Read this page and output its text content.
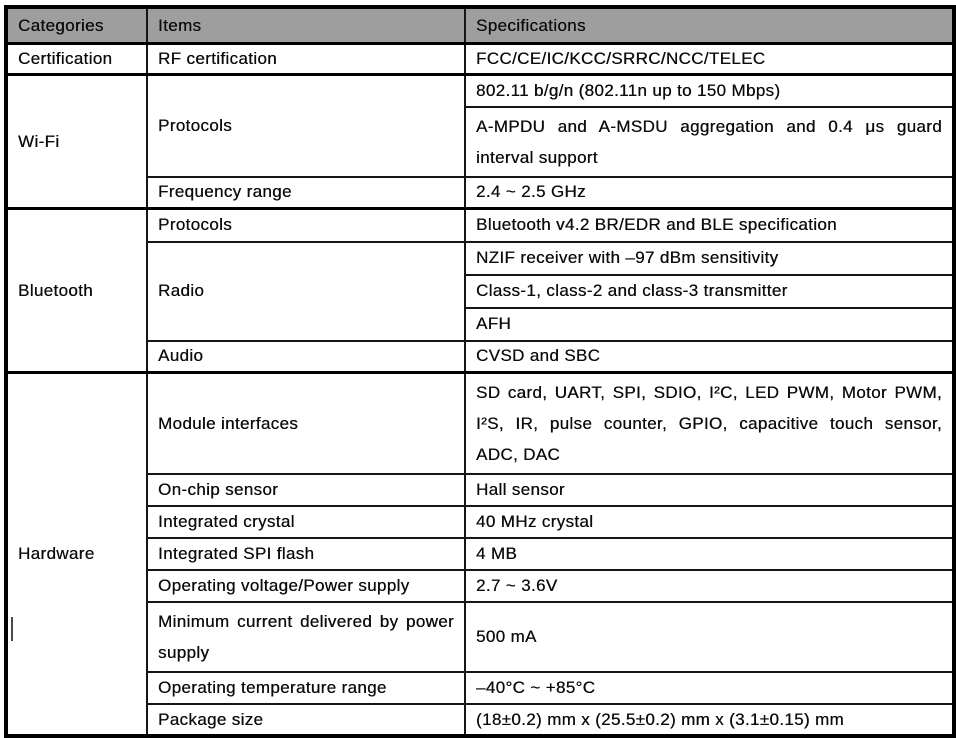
Categories	Items	Specifications
Certification	RF certification	FCC/CE/IC/KCC/SRRC/NCC/TELEC
Wi-Fi	Protocols	802.11 b/g/n (802.11n up to 150 Mbps)
		A-MPDU and A-MSDU aggregation and 0.4 μs guard interval support
	Frequency range	2.4 ~ 2.5 GHz
Bluetooth	Protocols	Bluetooth v4.2 BR/EDR and BLE specification
	Radio	NZIF receiver with –97 dBm sensitivity
		Class-1, class-2 and class-3 transmitter
		AFH
	Audio	CVSD and SBC
Hardware	Module interfaces	SD card, UART, SPI, SDIO, I²C, LED PWM, Motor PWM, I²S, IR, pulse counter, GPIO, capacitive touch sensor, ADC, DAC
	On-chip sensor	Hall sensor
	Integrated crystal	40 MHz crystal
	Integrated SPI flash	4 MB
	Operating voltage/Power supply	2.7 ~ 3.6V
	Minimum current delivered by power supply	500 mA
	Operating temperature range	–40°C ~ +85°C
	Package size	(18±0.2) mm x (25.5±0.2) mm x (3.1±0.15) mm
